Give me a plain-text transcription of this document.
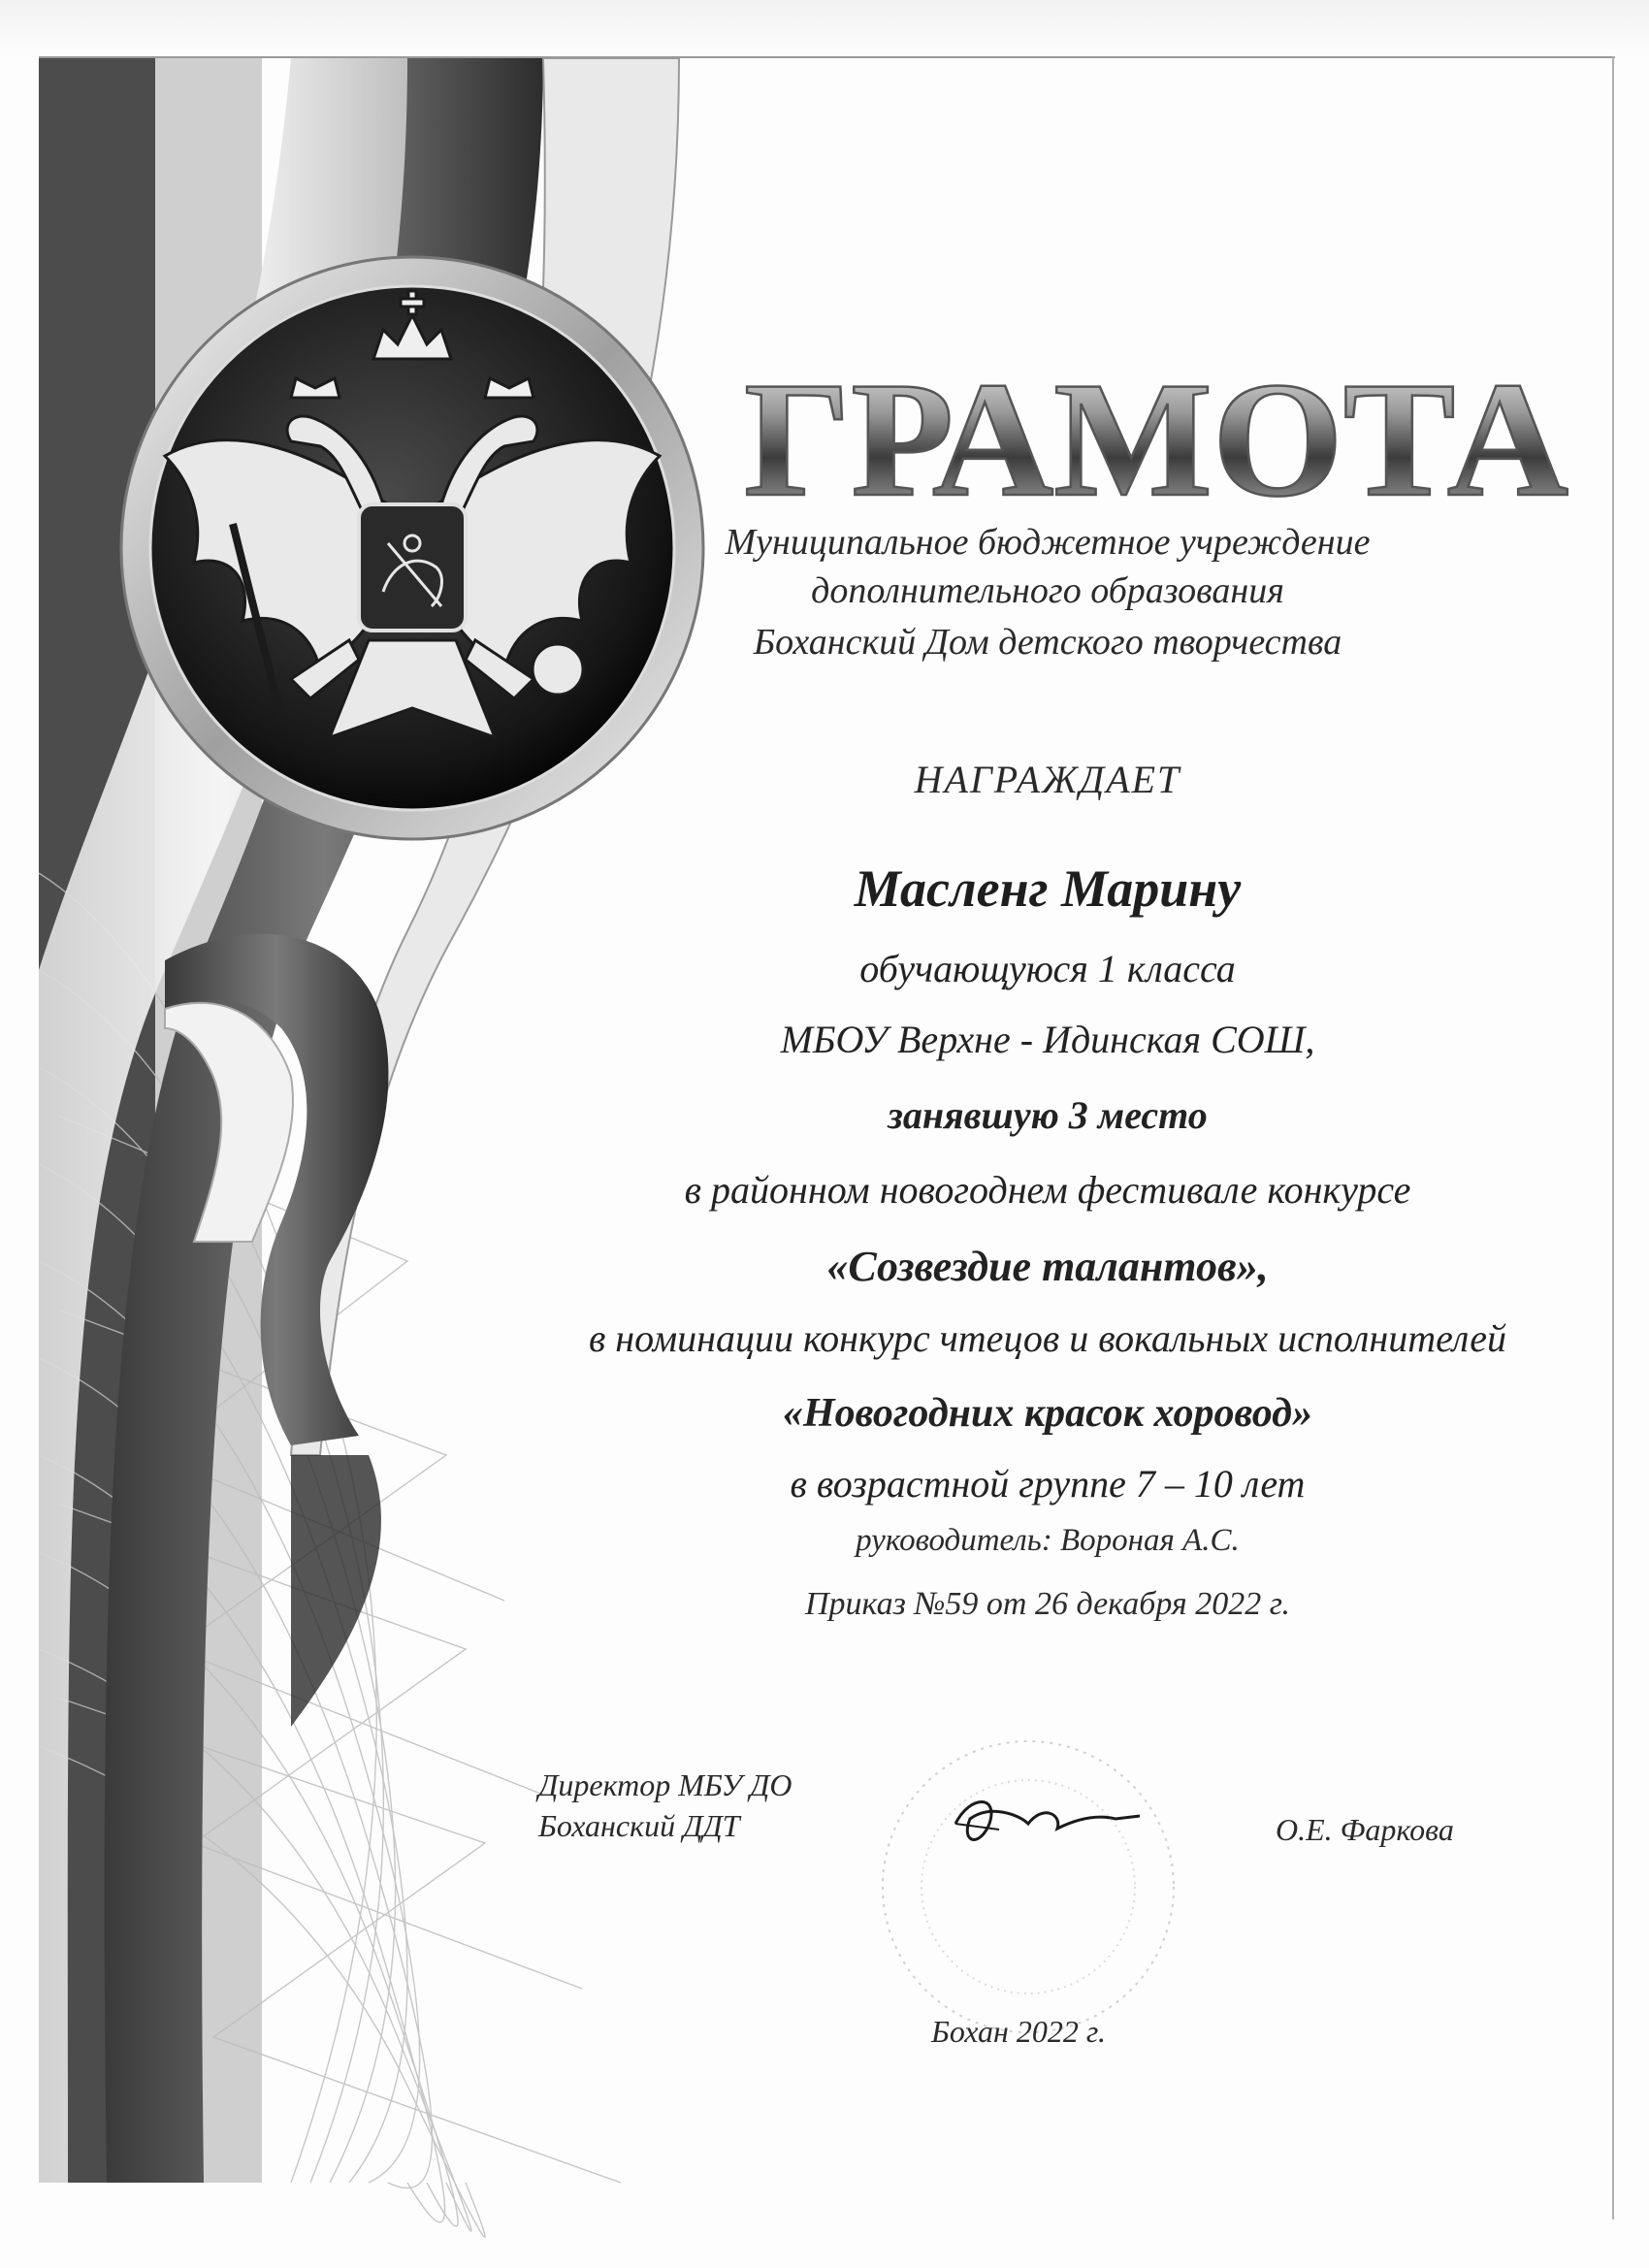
ГРАМОТА
Муниципальное бюджетное учреждение
дополнительного образования
Боханский Дом детского творчества
НАГРАЖДАЕТ
Масленг Марину
обучающуюся 1 класса
МБОУ Верхне - Идинская СОШ,
занявшую 3 место
в районном новогоднем фестивале конкурсе
«Созвездие талантов»,
в номинации конкурс чтецов и вокальных исполнителей
«Новогодних красок хоровод»
в возрастной группе 7 – 10 лет
руководитель: Вороная А.С.
Приказ №59 от 26 декабря 2022 г.
Директор МБУ ДО
Боханский ДДТ	О.Е. Фаркова
Бохан 2022 г.
